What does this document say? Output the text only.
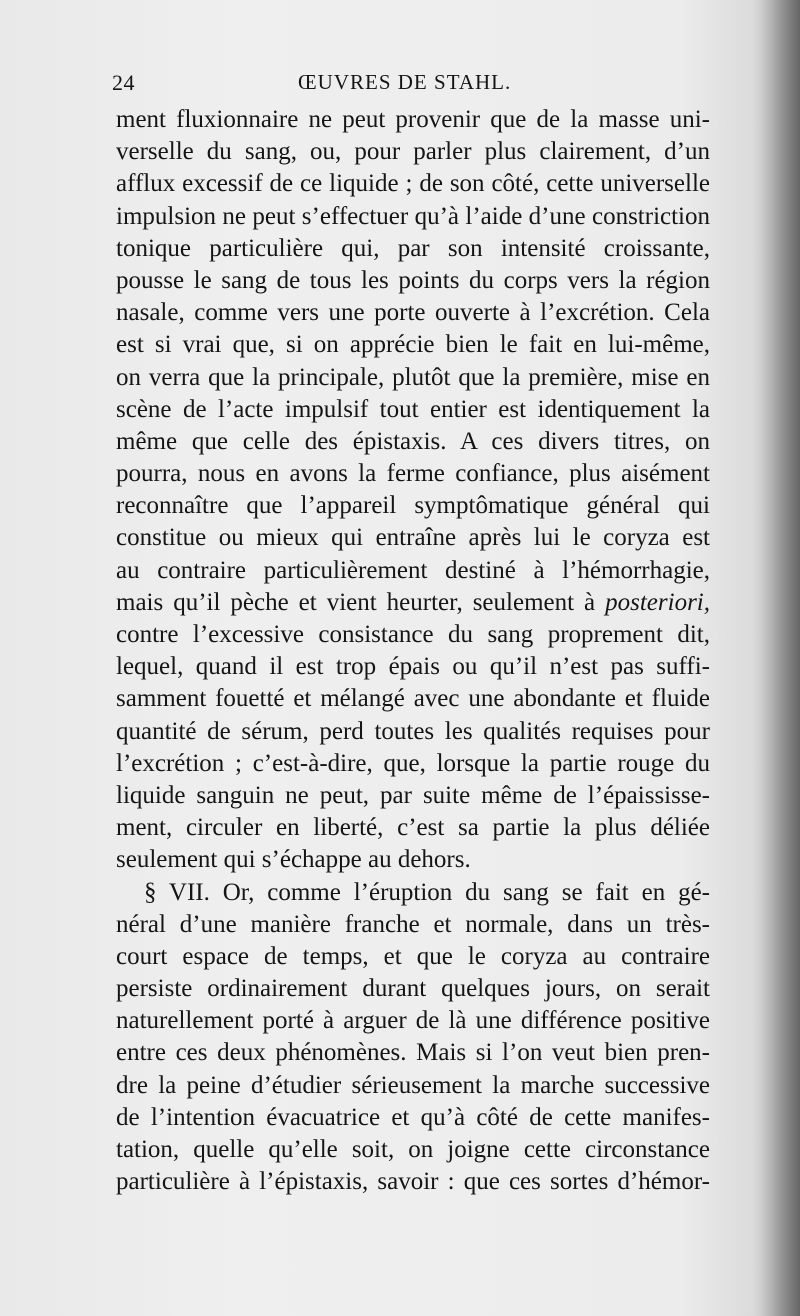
24	ŒUVRES DE STAHL.
ment fluxionnaire ne peut provenir que de la masse uni-
verselle du sang, ou, pour parler plus clairement, d’un
afflux excessif de ce liquide ; de son côté, cette universelle
impulsion ne peut s’effectuer qu’à l’aide d’une constriction
tonique particulière qui, par son intensité croissante,
pousse le sang de tous les points du corps vers la région
nasale, comme vers une porte ouverte à l’excrétion. Cela
est si vrai que, si on apprécie bien le fait en lui-même,
on verra que la principale, plutôt que la première, mise en
scène de l’acte impulsif tout entier est identiquement la
même que celle des épistaxis. A ces divers titres, on
pourra, nous en avons la ferme confiance, plus aisément
reconnaître que l’appareil symptômatique général qui
constitue ou mieux qui entraîne après lui le coryza est
au contraire particulièrement destiné à l’hémorrhagie,
mais qu’il pèche et vient heurter, seulement à posteriori,
contre l’excessive consistance du sang proprement dit,
lequel, quand il est trop épais ou qu’il n’est pas suffi-
samment fouetté et mélangé avec une abondante et fluide
quantité de sérum, perd toutes les qualités requises pour
l’excrétion ; c’est-à-dire, que, lorsque la partie rouge du
liquide sanguin ne peut, par suite même de l’épaississe-
ment, circuler en liberté, c’est sa partie la plus déliée
seulement qui s’échappe au dehors.
§ VII. Or, comme l’éruption du sang se fait en gé-
néral d’une manière franche et normale, dans un très-
court espace de temps, et que le coryza au contraire
persiste ordinairement durant quelques jours, on serait
naturellement porté à arguer de là une différence positive
entre ces deux phénomènes. Mais si l’on veut bien pren-
dre la peine d’étudier sérieusement la marche successive
de l’intention évacuatrice et qu’à côté de cette manifes-
tation, quelle qu’elle soit, on joigne cette circonstance
particulière à l’épistaxis, savoir : que ces sortes d’hémor-
